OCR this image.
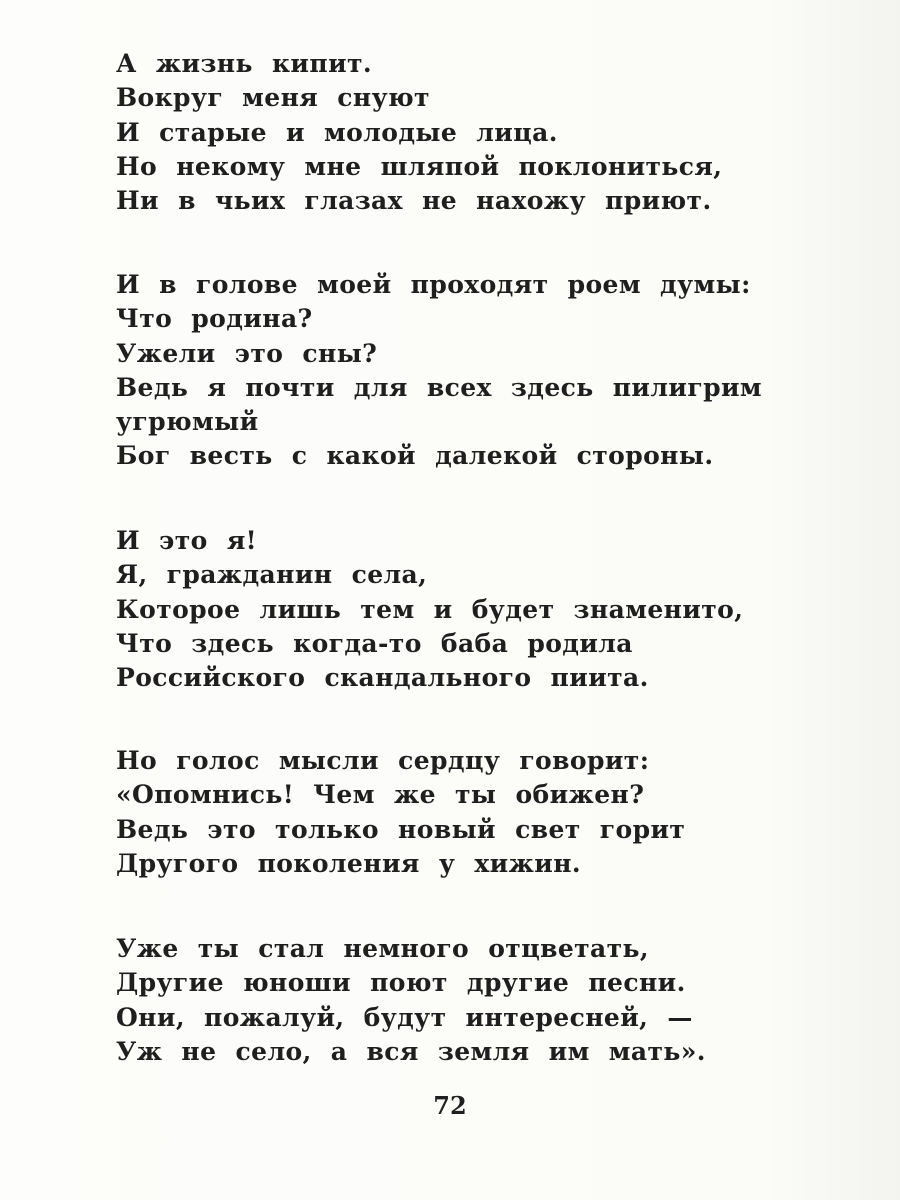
А жизнь кипит.
Вокруг меня снуют
И старые и молодые лица.
Но некому мне шляпой поклониться,
Ни в чьих глазах не нахожу приют.
И в голове моей проходят роем думы:
Что родина?
Ужели это сны?
Ведь я почти для всех здесь пилигрим
угрюмый
Бог весть с какой далекой стороны.
И это я!
Я, гражданин села,
Которое лишь тем и будет знаменито,
Что здесь когда-то баба родила
Российского скандального пиита.
Но голос мысли сердцу говорит:
«Опомнись! Чем же ты обижен?
Ведь это только новый свет горит
Другого поколения у хижин.
Уже ты стал немного отцветать,
Другие юноши поют другие песни.
Они, пожалуй, будут интересней, —
Уж не село, а вся земля им мать».
72
